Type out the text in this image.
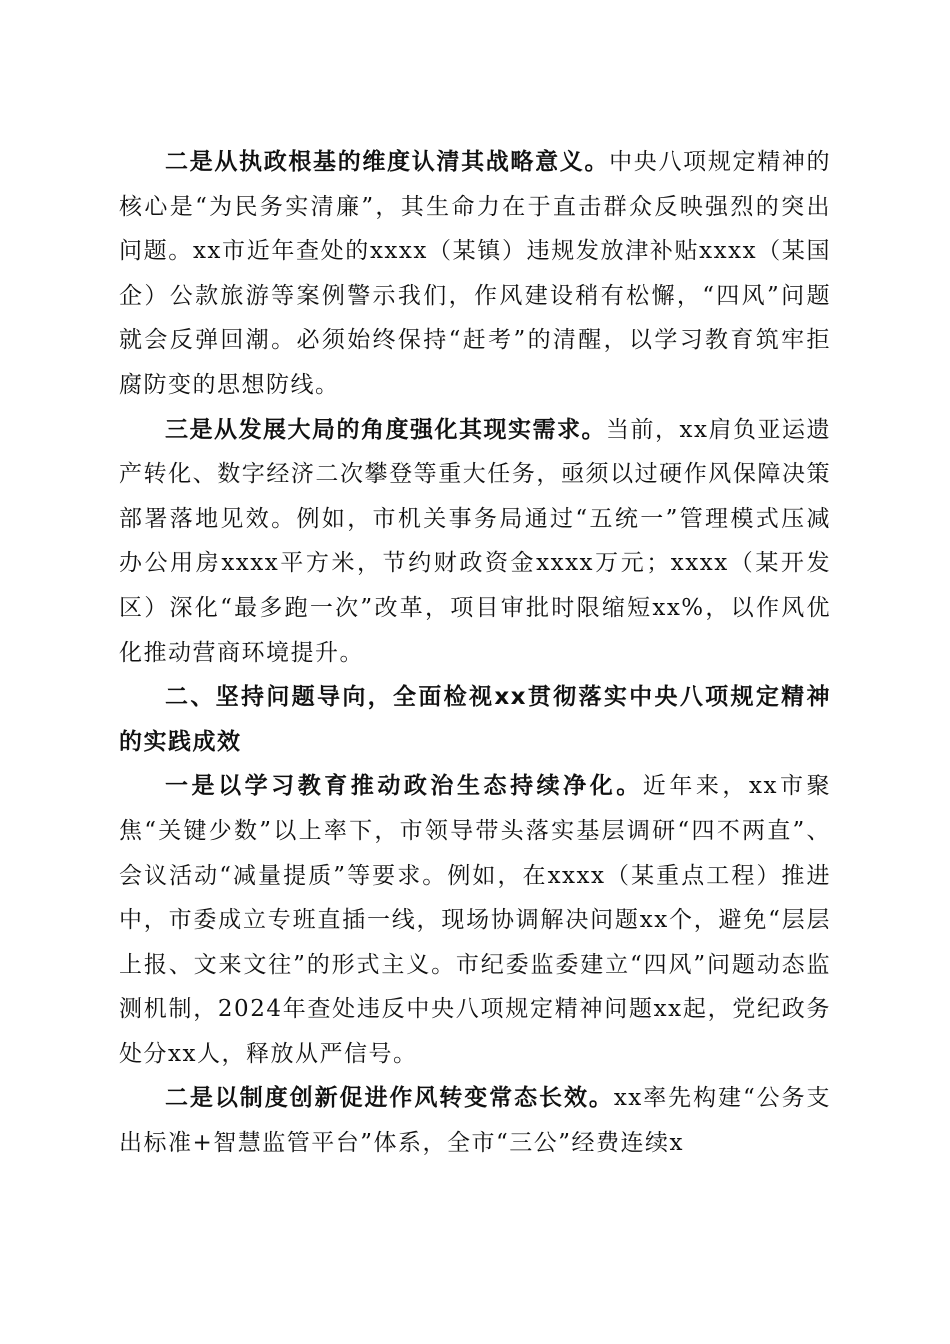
二是从执政根基的维度认清其战略意义。中央八项规定精神的核心是“为民务实清廉”，其生命力在于直击群众反映强烈的突出问题。xx市近年查处的xxxx（某镇）违规发放津补贴xxxx（某国企）公款旅游等案例警示我们，作风建设稍有松懈，“四风”问题就会反弹回潮。必须始终保持“赶考”的清醒，以学习教育筑牢拒腐防变的思想防线。

三是从发展大局的角度强化其现实需求。当前，xx肩负亚运遗产转化、数字经济二次攀登等重大任务，亟须以过硬作风保障决策部署落地见效。例如，市机关事务局通过“五统一”管理模式压减办公用房xxxx平方米，节约财政资金xxxx万元；xxxx（某开发区）深化“最多跑一次”改革，项目审批时限缩短xx%，以作风优化推动营商环境提升。

二、坚持问题导向，全面检视xx贯彻落实中央八项规定精神的实践成效

一是以学习教育推动政治生态持续净化。近年来，xx市聚焦“关键少数”以上率下，市领导带头落实基层调研“四不两直”、会议活动“减量提质”等要求。例如，在xxxx（某重点工程）推进中，市委成立专班直插一线，现场协调解决问题xx个，避免“层层上报、文来文往”的形式主义。市纪委监委建立“四风”问题动态监测机制，2024年查处违反中央八项规定精神问题xx起，党纪政务处分xx人，释放从严信号。

二是以制度创新促进作风转变常态长效。xx率先构建“公务支出标准+智慧监管平台”体系，全市“三公”经费连续x
